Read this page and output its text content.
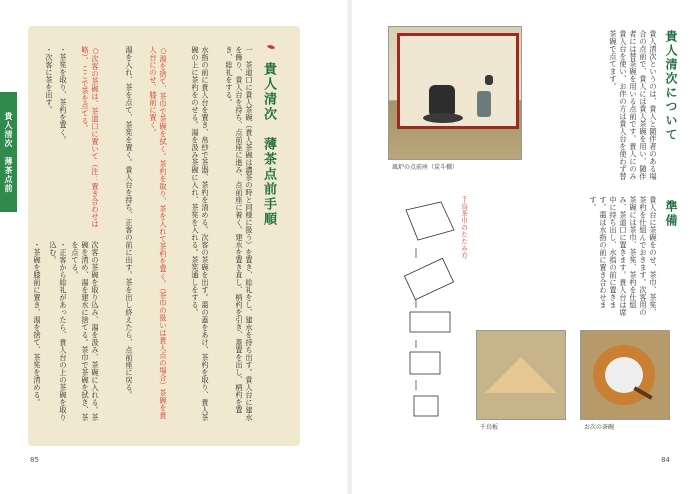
貴人清次　薄茶点前	貴人清次　薄茶点前手順
一　茶道口に貴人茶碗（貴人茶碗は濃茶の時と同様に扱う）を置き、総礼をし、建水を持ち出す。貴人台に建水を飾り、貴人台を持ち、点前座に進み、点前座に着く。建水を置き直し、柄杓を引き、蓋置を出し、柄杓を置き、総礼をする。
水指の前に貴人台を置き、帛紗で茶器、茶杓を清める。次客の茶碗を出す。棗の蓋をあけ、茶杓を取り、貴人茶碗の上に茶杓をのせる。湯を汲み茶碗に入れ、茶筅を入れる。茶筅通しをする。
○湯を捨て、茶巾で茶碗を拭く。茶杓を取り、茶を入れて茶杓を置く。（茶巾の扱いは貴人点の場合）茶碗を貴人台にのせ、膝前に置く。
湯を入れ、茶を点て、茶筅を置く。貴人台を持ち、正客の前に出す。茶を出し終えたら、点前座に戻る。
○次客の茶碗は、茶道口に置いて（注：置き合わせは略）、ここで茶を点てる。
次客の茶碗を取り込み、湯を汲み、茶碗に入れる。茶碗を清め、湯を建水に捨てる。茶巾で茶碗を拭き、茶を点てる。
・茶筅を取り、茶杓を置く。
・次客に茶を出す。
・正客から総礼があったら、貴人台の上の茶碗を取り込む。
・茶碗を膝前に置き、湯を捨て、茶筅を清める。
85
風炉の点前座（炭斗棚）
貴人清次について
貴人清次というのは、貴人と随伴者のある場合の点前で、貴人には貴人茶碗を用い、随伴者には替茶碗を用いる点前です。貴人にのみ貴人台を使い、お伴の方は貴人台を使わず替茶碗で点てます。
準備
貴人台に茶碗をのせ、茶巾、茶筅、茶杓を仕組んでおきます。次客用の茶碗には茶巾、茶筅、茶杓を仕組み、茶道口に置きます。貴人台は席中に持ち出し、水指の前に置きます。棗は水指の前に置き合わせます。
千鳥茶巾のたたみ方
千鳥板	お次の茶碗
84
